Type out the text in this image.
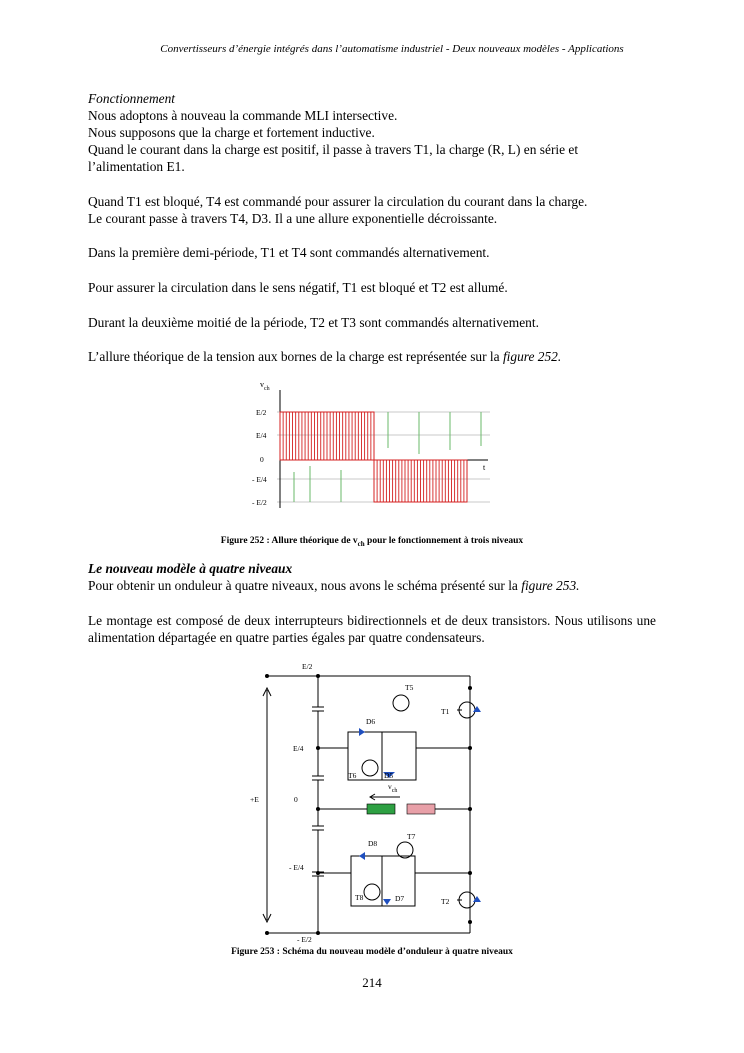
Convertisseurs d’énergie intégrés dans l’automatisme industriel - Deux nouveaux modèles - Applications

Fonctionnement

Nous adoptons à nouveau la commande MLI intersective.

Nous supposons que la charge et fortement inductive.

Quand le courant dans la charge est positif, il passe à travers T1, la charge (R, L) en série et l’alimentation E1.

Quand T1 est bloqué, T4 est commandé pour assurer la circulation du courant dans la charge.

Le courant passe à travers T4, D3. Il a une allure exponentielle décroissante.

Dans la première demi-période, T1 et T4 sont commandés alternativement.

Pour assurer la circulation dans le sens négatif, T1 est bloqué et T2 est allumé.

Durant la deuxième moitié de la période, T2 et T3 sont commandés alternativement.

L’allure théorique de la tension aux bornes de la charge est représentée sur la figure 252.

$v_{ch}$
t
E/2
E/4
0
- E/4
- E/2
Figure 252 : Allure théorique de $v_{ch}$ pour le fonctionnement à trois niveaux

Le nouveau modèle à quatre niveaux

Pour obtenir un onduleur à quatre niveaux, nous avons le schéma présenté sur la figure 253.

Le montage est composé de deux interrupteurs bidirectionnels et de deux transistors. Nous utilisons une alimentation départagée en quatre parties égales par quatre condensateurs.

E/2
E/4
0
- E/4
- E/2
+E
$v_{ch}$
T1
T2
T5
T6
T7
T8
D5
D6
D7
D8
Figure 253 : Schéma du nouveau modèle d’onduleur à quatre niveaux
214
